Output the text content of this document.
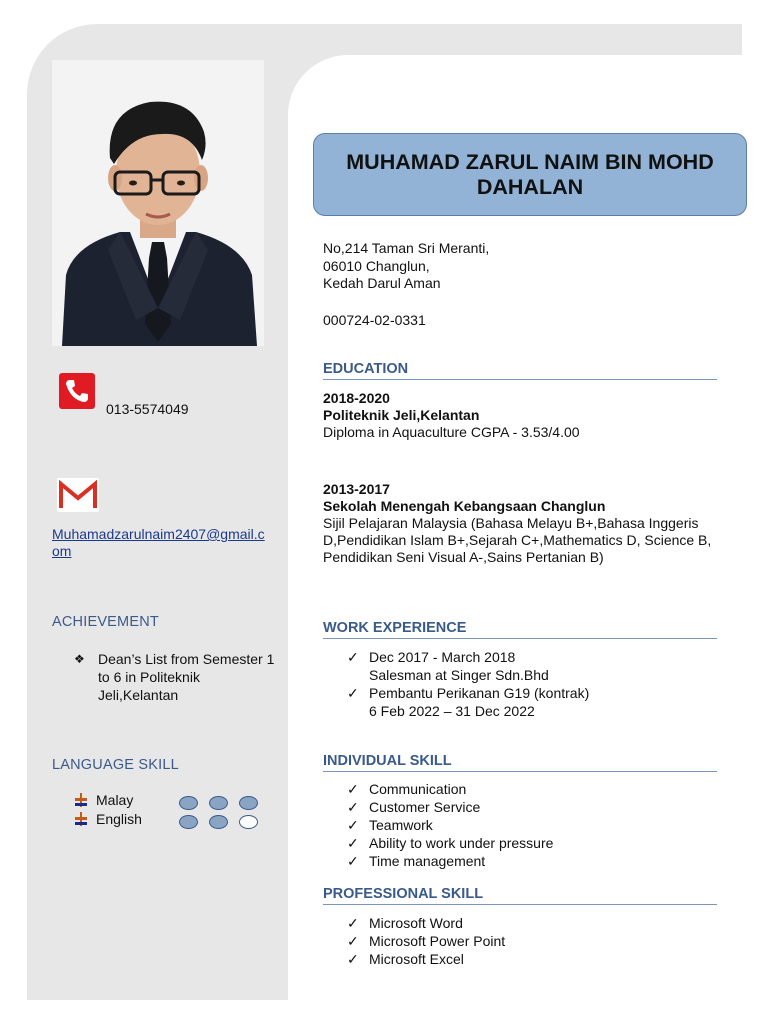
013-5574049
Muhamadzarulnaim2407@gmail.com
ACHIEVEMENT
❖ Dean’s List from Semester 1 to 6 in Politeknik Jeli,Kelantan
LANGUAGE SKILL
Malay
English
MUHAMAD ZARUL NAIM BIN MOHD DAHALAN
No,214 Taman Sri Meranti,
06010 Changlun,
Kedah Darul Aman
000724-02-0331
EDUCATION
2018-2020
Politeknik Jeli,Kelantan
Diploma in Aquaculture CGPA - 3.53/4.00
2013-2017
Sekolah Menengah Kebangsaan Changlun
Sijil Pelajaran Malaysia (Bahasa Melayu B+,Bahasa Inggeris D,Pendidikan Islam B+,Sejarah C+,Mathematics D, Science B, Pendidikan Seni Visual A-,Sains Pertanian B)
WORK EXPERIENCE
✓ Dec 2017 - March 2018
Salesman at Singer Sdn.Bhd
✓ Pembantu Perikanan G19 (kontrak)
6 Feb 2022 – 31 Dec 2022
INDIVIDUAL SKILL
✓ Communication
✓ Customer Service
✓ Teamwork
✓ Ability to work under pressure
✓ Time management
PROFESSIONAL SKILL
✓ Microsoft Word
✓ Microsoft Power Point
✓ Microsoft Excel
